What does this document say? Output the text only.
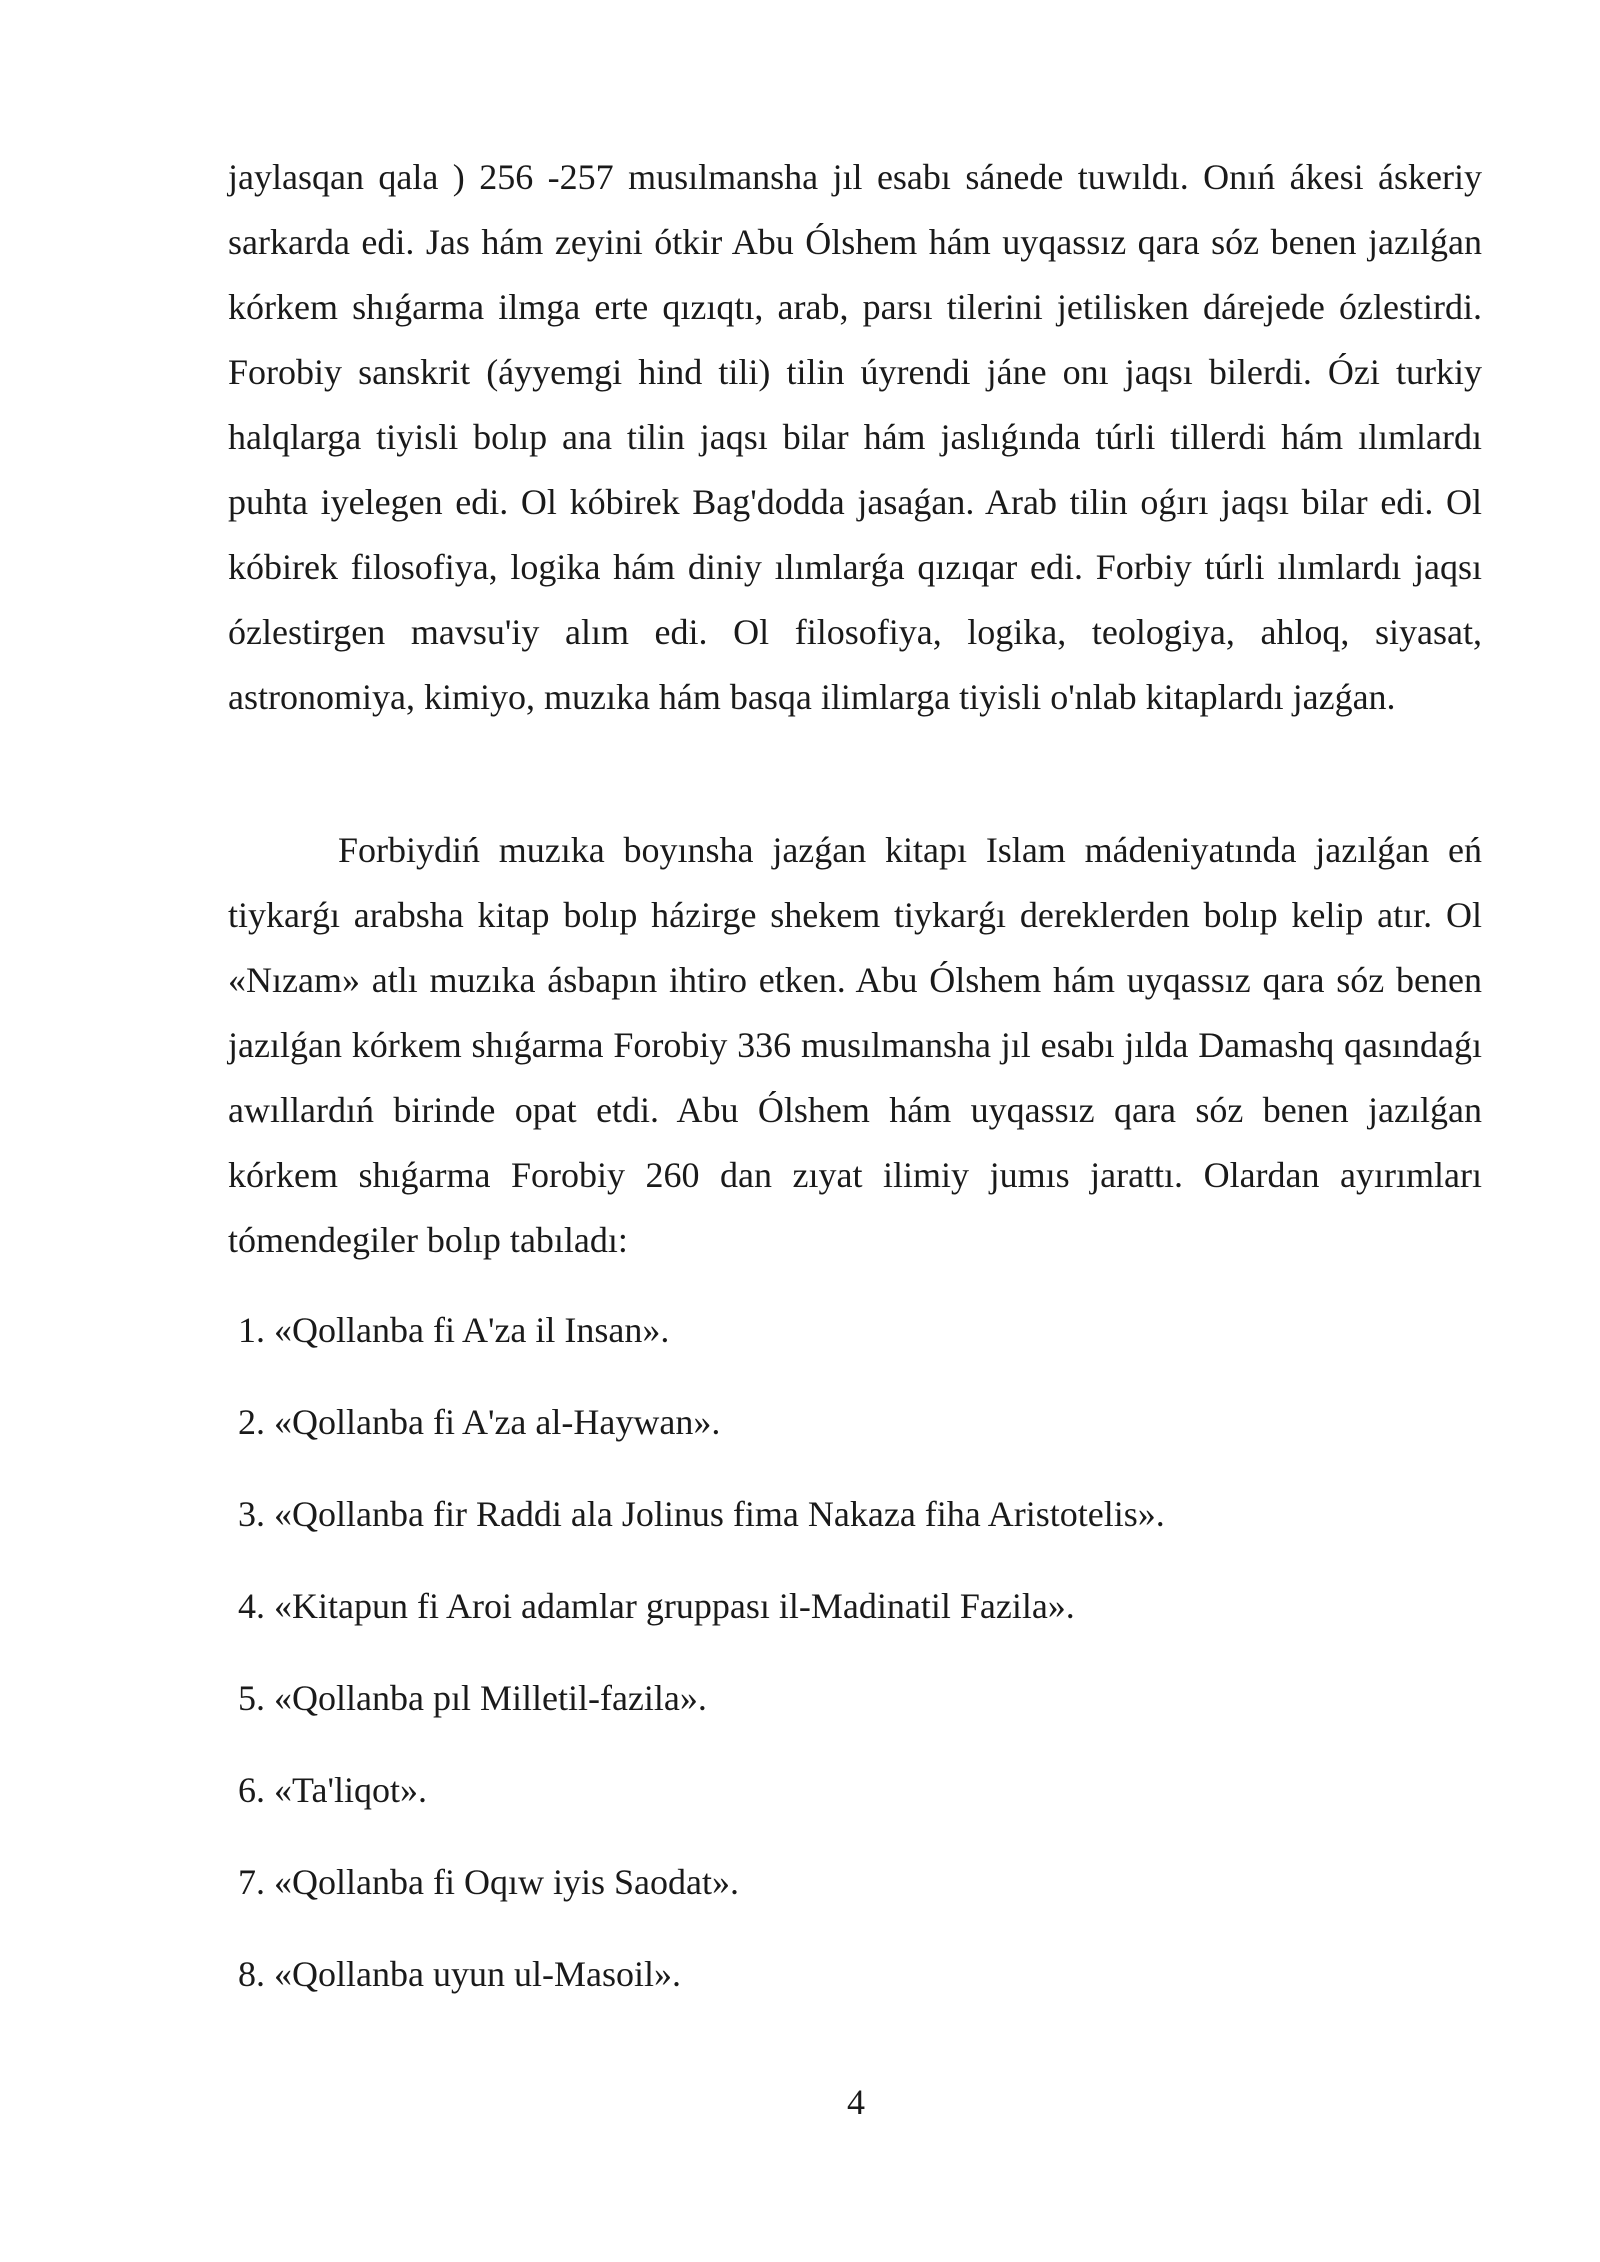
jaylasqan qala ) 256 -257 musılmansha jıl esabı sánede tuwıldı. Onıń ákesi áskeriy sarkarda edi. Jas hám zeyini ótkir Abu Ólshem hám uyqassız qara sóz benen jazılǵan kórkem shıǵarma ilmga erte qızıqtı, arab, parsı tilerini jetilisken dárejede ózlestirdi. Forobiy sanskrit (áyyemgi hind tili) tilin úyrendi jáne onı jaqsı bilerdi. Ózi turkiy halqlarga tiyisli bolıp ana tilin jaqsı bilar hám jaslıǵında túrli tillerdi hám ılımlardı puhta iyelegen edi. Ol kóbirek Bag'dodda jasaǵan. Arab tilin oǵırı jaqsı bilar edi. Ol kóbirek filosofiya, logika hám diniy ılımlarǵa qızıqar edi. Forbiy túrli ılımlardı jaqsı ózlestirgen mavsu'iy alım edi. Ol filosofiya, logika, teologiya, ahloq, siyasat, astronomiya, kimiyo, muzıka hám basqa ilimlarga tiyisli o'nlab kitaplardı jazǵan.

Forbiydiń muzıka boyınsha jazǵan kitapı Islam mádeniyatında jazılǵan eń tiykarǵı arabsha kitap bolıp házirge shekem tiykarǵı dereklerden bolıp kelip atır. Ol «Nızam» atlı muzıka ásbapın ihtiro etken. Abu Ólshem hám uyqassız qara sóz benen jazılǵan kórkem shıǵarma Forobiy 336 musılmansha jıl esabı jılda Damashq qasındaǵı awıllardıń birinde opat etdi. Abu Ólshem hám uyqassız qara sóz benen jazılǵan kórkem shıǵarma Forobiy 260 dan zıyat ilimiy jumıs jarattı. Olardan ayırımları tómendegiler bolıp tabıladı:

1. «Qollanba fi A'za il Insan».
2. «Qollanba fi A'za al-Haywan».
3. «Qollanba fir Raddi ala Jolinus fima Nakaza fiha Aristotelis».
4. «Kitapun fi Aroi adamlar gruppası il-Madinatil Fazila».
5. «Qollanba pıl Milletil-fazila».
6. «Ta'liqot».
7. «Qollanba fi Oqıw iyis Saodat».
8. «Qollanba uyun ul-Masoil».
4
